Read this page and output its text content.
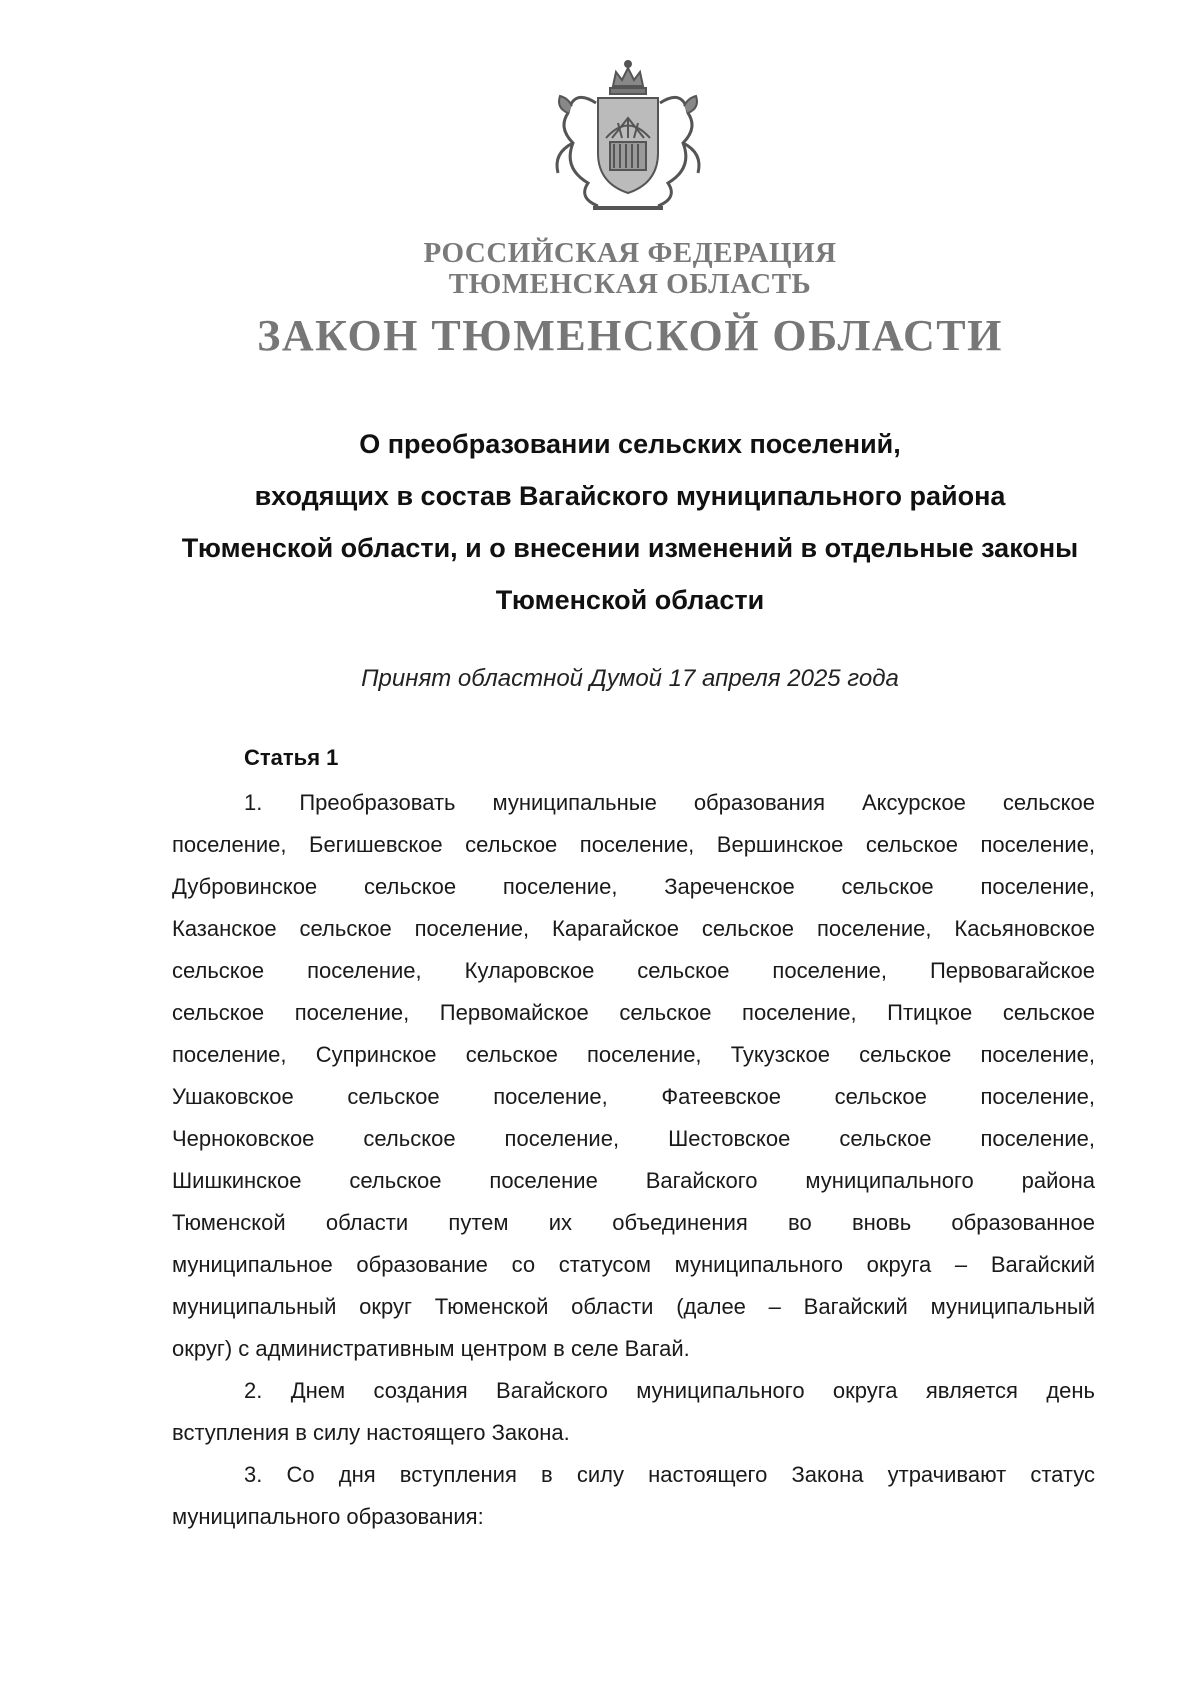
РОССИЙСКАЯ ФЕДЕРАЦИЯ
ТЮМЕНСКАЯ ОБЛАСТЬ
ЗАКОН ТЮМЕНСКОЙ ОБЛАСТИ
О преобразовании сельских поселений,
входящих в состав Вагайского муниципального района
Тюменской области, и о внесении изменений в отдельные законы
Тюменской области
Принят областной Думой 17 апреля 2025 года
Статья 1
1. Преобразовать муниципальные образования Аксурское сельское
поселение, Бегишевское сельское поселение, Вершинское сельское поселение,
Дубровинское сельское поселение, Зареченское сельское поселение,
Казанское сельское поселение, Карагайское сельское поселение, Касьяновское
сельское поселение, Куларовское сельское поселение, Первовагайское
сельское поселение, Первомайское сельское поселение, Птицкое сельское
поселение, Супринское сельское поселение, Тукузское сельское поселение,
Ушаковское сельское поселение, Фатеевское сельское поселение,
Черноковское сельское поселение, Шестовское сельское поселение,
Шишкинское сельское поселение Вагайского муниципального района
Тюменской области путем их объединения во вновь образованное
муниципальное образование со статусом муниципального округа – Вагайский
муниципальный округ Тюменской области (далее – Вагайский муниципальный
округ) с административным центром в селе Вагай.
2. Днем создания Вагайского муниципального округа является день
вступления в силу настоящего Закона.
3. Со дня вступления в силу настоящего Закона утрачивают статус
муниципального образования:
